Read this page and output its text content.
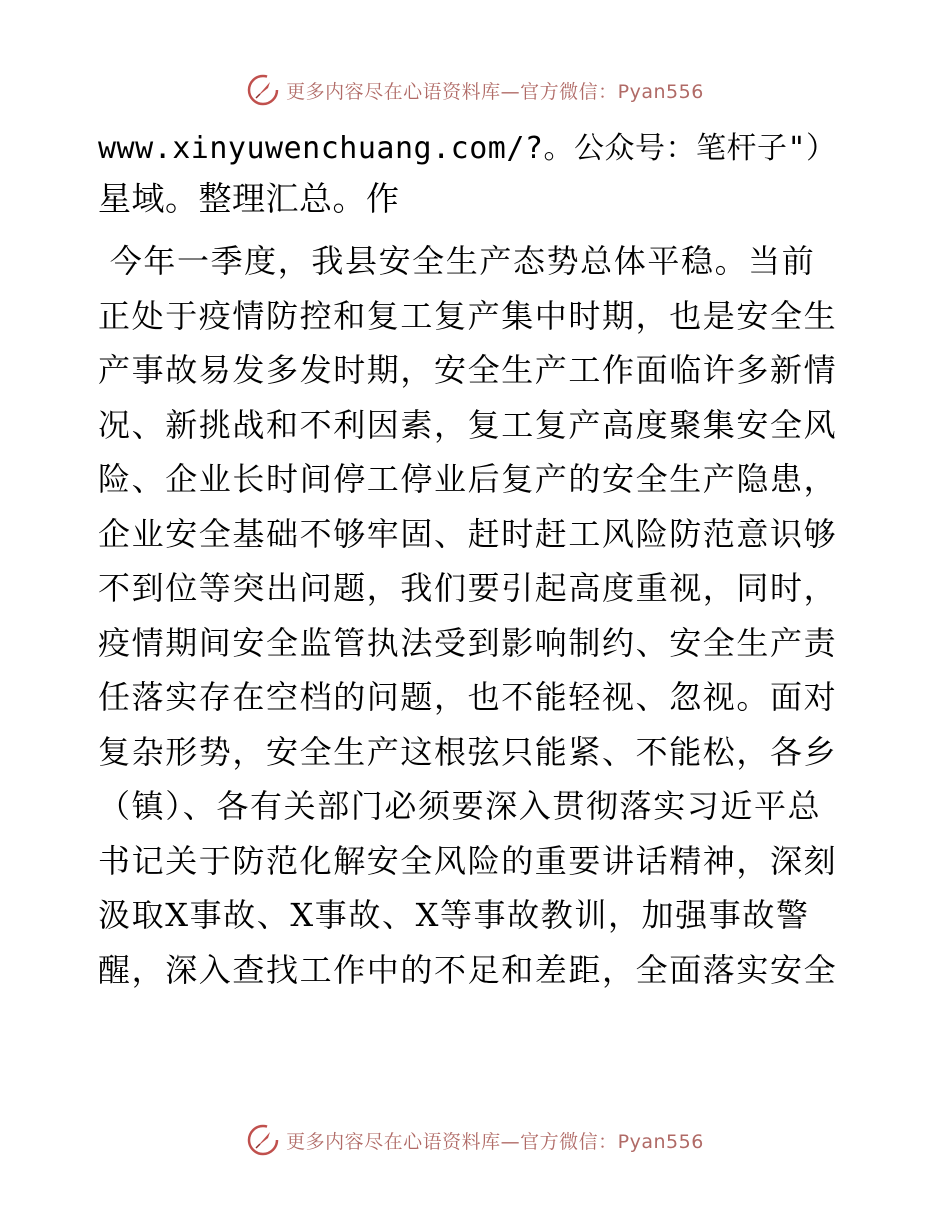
更多内容尽在心语资料库—官方微信：Pyan556
www.xinyuwenchuang.com/?。公众号：笔杆子"）
星域。整理汇总。作
今年一季度，我县安全生产态势总体平稳。当前
正处于疫情防控和复工复产集中时期，也是安全生
产事故易发多发时期，安全生产工作面临许多新情
况、新挑战和不利因素，复工复产高度聚集安全风
险、企业长时间停工停业后复产的安全生产隐患，
企业安全基础不够牢固、赶时赶工风险防范意识够
不到位等突出问题，我们要引起高度重视，同时，
疫情期间安全监管执法受到影响制约、安全生产责
任落实存在空档的问题，也不能轻视、忽视。面对
复杂形势，安全生产这根弦只能紧、不能松，各乡
（镇）、各有关部门必须要深入贯彻落实习近平总
书记关于防范化解安全风险的重要讲话精神，深刻
汲取X事故、X事故、X等事故教训，加强事故警
醒，深入查找工作中的不足和差距，全面落实安全
更多内容尽在心语资料库—官方微信：Pyan556
